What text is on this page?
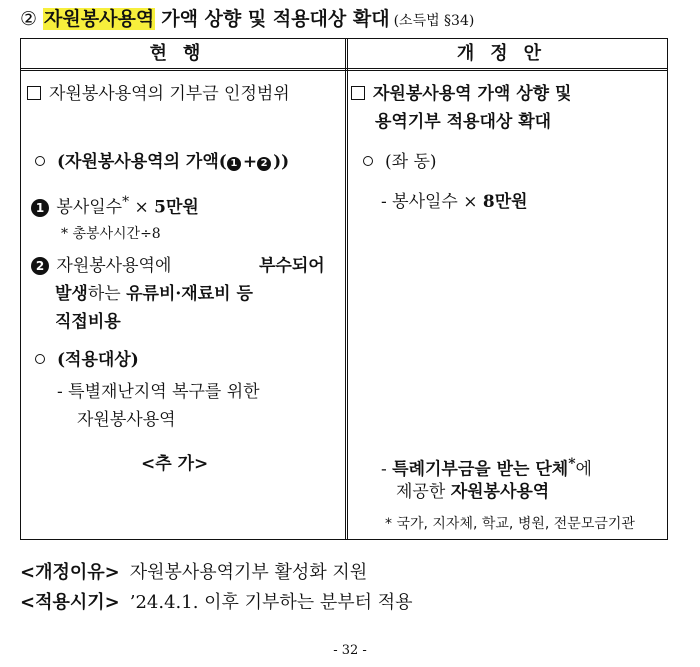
② 자원봉사용역 가액 상향 및 적용대상 확대 (소득법 §34)
현행	개정안
자원봉사용역의 기부금 인정범위
(자원봉사용역의 가액( 1 + 2 ))
1 봉사일수* × 5만원
* 총봉사시간÷8
2 자원봉사용역에	부수되어
발생하는 유류비·재료비 등
직접비용
(적용대상)
- 특별재난지역 복구를 위한
자원봉사용역
<추 가>
자원봉사용역 가액 상향 및
용역기부 적용대상 확대
(좌 동)
- 봉사일수 × 8만원
- 특례기부금을 받는 단체*에
제공한 자원봉사용역
* 국가, 지자체, 학교, 병원, 전문모금기관
<개정이유> 자원봉사용역기부 활성화 지원
<적용시기> ’24.4.1. 이후 기부하는 분부터 적용
- 32 -
